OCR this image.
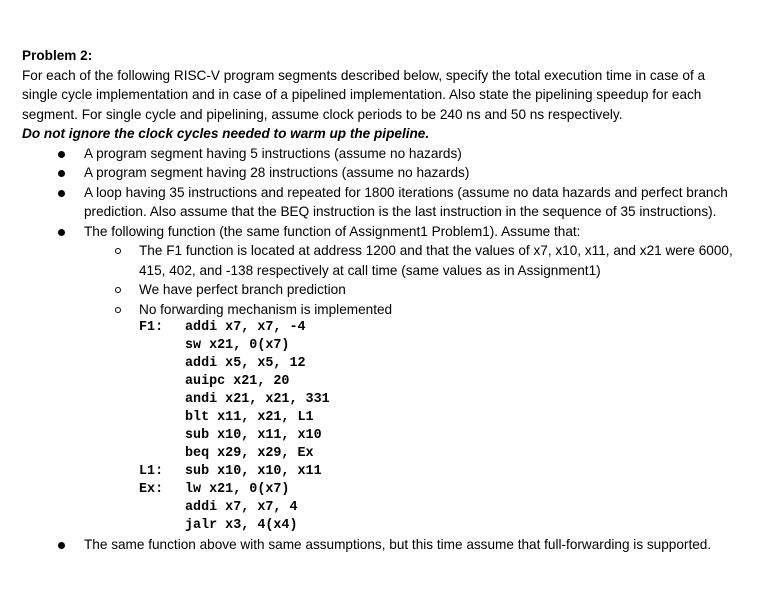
Problem 2:

For each of the following RISC-V program segments described below, specify the total execution time in case of a single cycle implementation and in case of a pipelined implementation. Also state the pipelining speedup for each segment. For single cycle and pipelining, assume clock periods to be 240 ns and 50 ns respectively.

Do not ignore the clock cycles needed to warm up the pipeline.

A program segment having 5 instructions (assume no hazards)
A program segment having 28 instructions (assume no hazards)
A loop having 35 instructions and repeated for 1800 iterations (assume no data hazards and perfect branch prediction. Also assume that the BEQ instruction is the last instruction in the sequence of 35 instructions).
The following function (the same function of Assignment1 Problem1). Assume that:
The F1 function is located at address 1200 and that the values of x7, x10, x11, and x21 were 6000, 415, 402, and -138 respectively at call time (same values as in Assignment1)
We have perfect branch prediction
No forwarding mechanism is implemented
F1:	addi x7, x7, -4
sw x21, 0(x7)
addi x5, x5, 12
auipc x21, 20
andi x21, x21, 331
blt x11, x21, L1
sub x10, x11, x10
beq x29, x29, Ex
L1:	sub x10, x10, x11
Ex:	lw x21, 0(x7)
addi x7, x7, 4
jalr x3, 4(x4)
The same function above with same assumptions, but this time assume that full-forwarding is supported.
